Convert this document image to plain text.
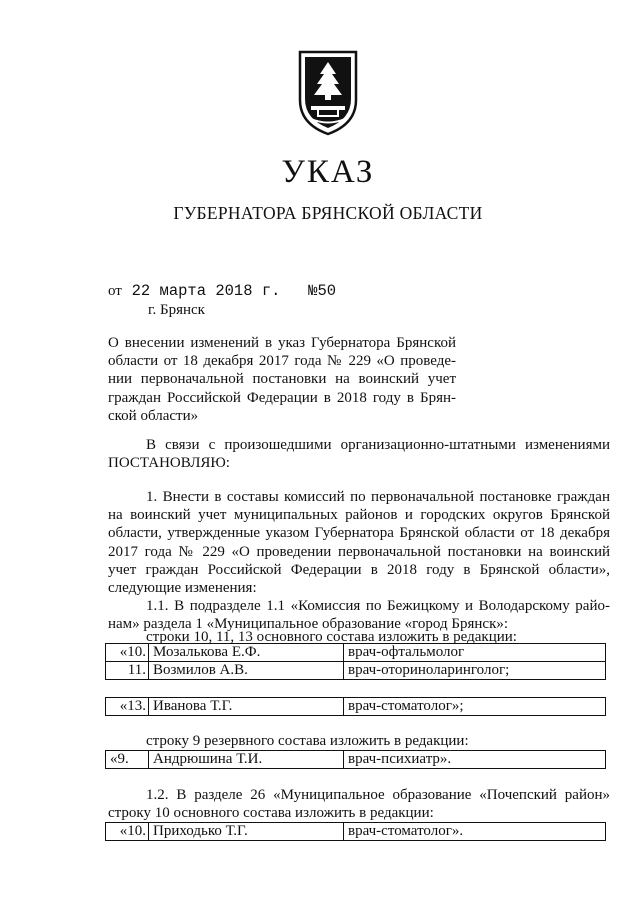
УКАЗ
ГУБЕРНАТОРА БРЯНСКОЙ ОБЛАСТИ
от 22 марта 2018 г. №50
г. Брянск
О внесении изменений в указ Губернатора Брянской
области от 18 декабря 2017 года № 229 «О проведе-
нии первоначальной постановки на воинский учет
граждан Российской Федерации в 2018 году в Брян-
ской области»
В связи с произошедшими организационно-штатными изменениями
ПОСТАНОВЛЯЮ:
1. Внести в составы комиссий по первоначальной постановке граждан
на воинский учет муниципальных районов и городских округов Брянской
области, утвержденные указом Губернатора Брянской области от 18 декабря
2017 года № 229 «О проведении первоначальной постановки на воинский
учет граждан Российской Федерации в 2018 году в Брянской области»,
следующие изменения:
1.1. В подразделе 1.1 «Комиссия по Бежицкому и Володарскому райо-
нам» раздела 1 «Муниципальное образование «город Брянск»:
строки 10, 11, 13 основного состава изложить в редакции:
«10.	Мозалькова Е.Ф.	врач-офтальмолог
11.	Возмилов А.В.	врач-оториноларинголог;
«13.	Иванова Т.Г.	врач-стоматолог»;
строку 9 резервного состава изложить в редакции:
«9.	Андрюшина Т.И.	врач-психиатр».
1.2. В разделе 26 «Муниципальное образование «Почепский район»
строку 10 основного состава изложить в редакции:
«10.	Приходько Т.Г.	врач-стоматолог».
